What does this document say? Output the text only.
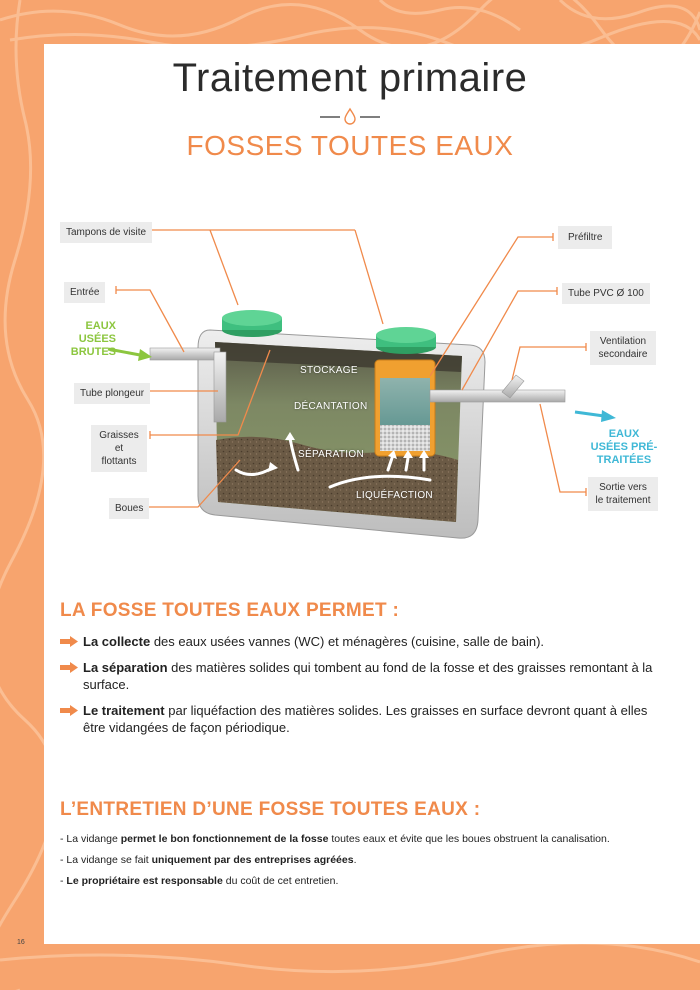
Traitement primaire
FOSSES TOUTES EAUX
Tampons de visite
Entrée
Tube plongeur
Graisses et flottants
Boues
Préfiltre
Tube PVC Ø 100
Ventilation secondaire
Sortie vers le traitement
EAUX USÉES BRUTES
EAUX USÉES PRÉ-TRAITÉES
STOCKAGE
DÉCANTATION
SÉPARATION
LIQUÉFACTION
LA FOSSE TOUTES EAUX PERMET :
La collecte des eaux usées vannes (WC) et ménagères (cuisine, salle de bain).
La séparation des matières solides qui tombent au fond de la fosse et des graisses remontant à la surface.
Le traitement par liquéfaction des matières solides. Les graisses en surface devront quant à elles être vidangées de façon périodique.
L’ENTRETIEN D’UNE FOSSE TOUTES EAUX :
- La vidange permet le bon fonctionnement de la fosse toutes eaux et évite que les boues obstruent la canalisation.
- La vidange se fait uniquement par des entreprises agréées.
- Le propriétaire est responsable du coût de cet entretien.
16
